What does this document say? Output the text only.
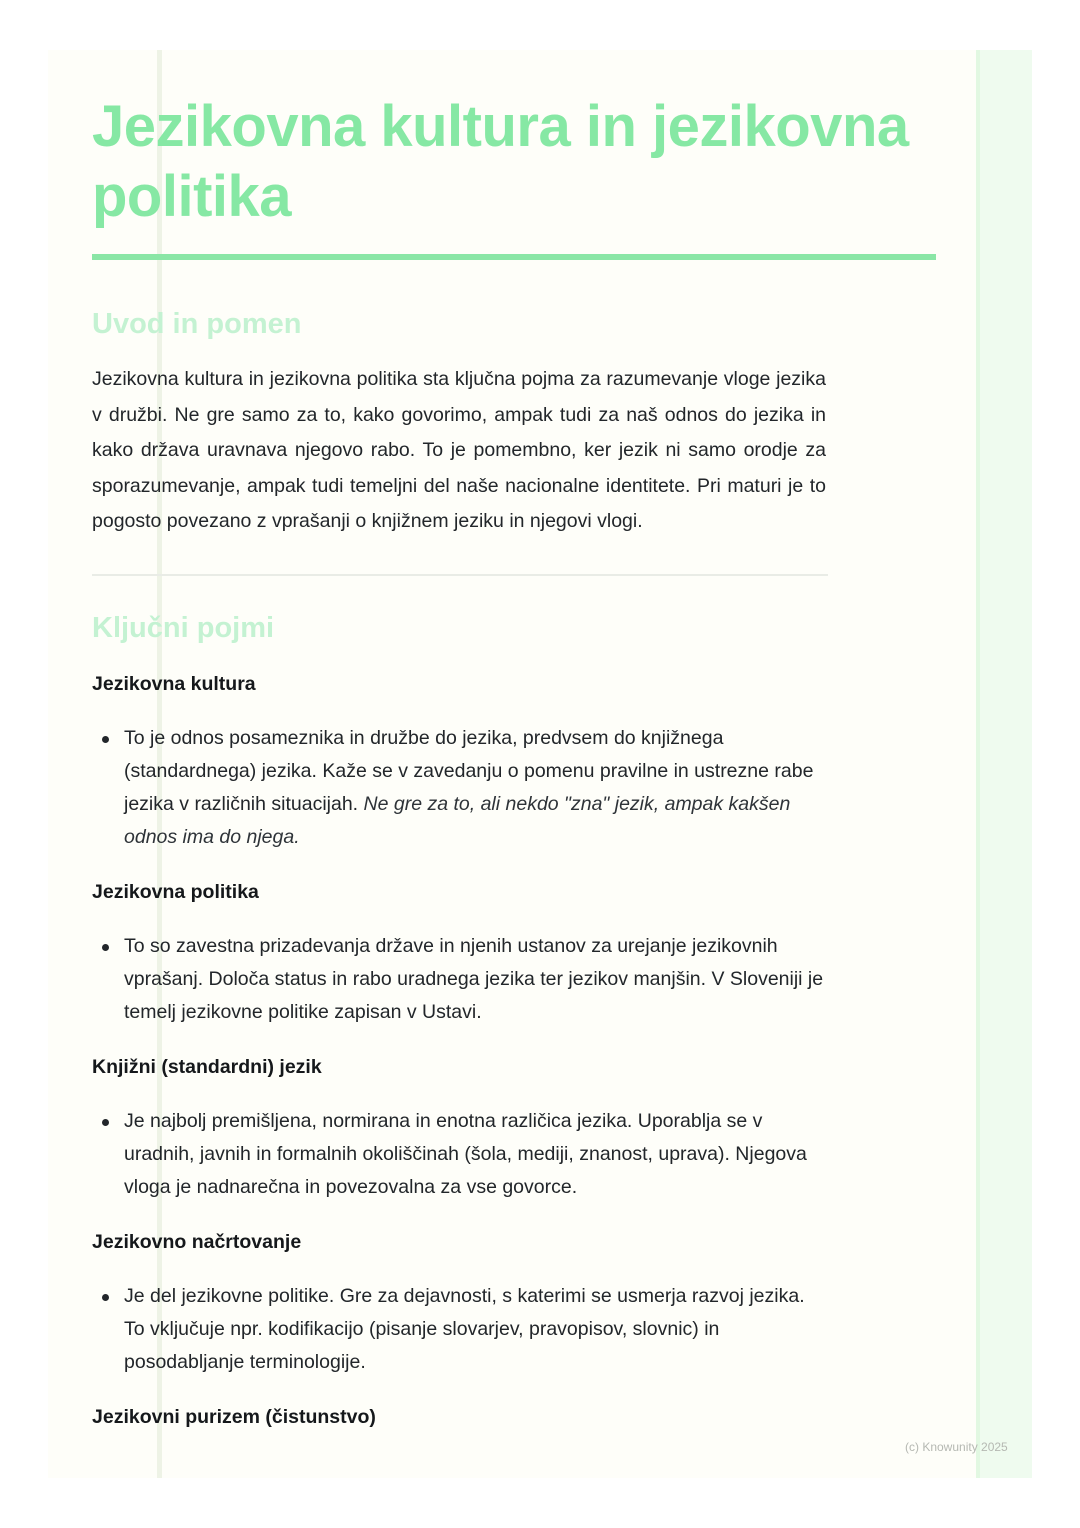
Jezikovna kultura in jezikovna politika
Uvod in pomen

Jezikovna kultura in jezikovna politika sta ključna pojma za razumevanje vloge jezika v družbi. Ne gre samo za to, kako govorimo, ampak tudi za naš odnos do jezika in kako država uravnava njegovo rabo. To je pomembno, ker jezik ni samo orodje za sporazumevanje, ampak tudi temeljni del naše nacionalne identitete. Pri maturi je to pogosto povezano z vprašanji o knjižnem jeziku in njegovi vlogi.

Ključni pojmi
Jezikovna kultura
To je odnos posameznika in družbe do jezika, predvsem do knjižnega (standardnega) jezika. Kaže se v zavedanju o pomenu pravilne in ustrezne rabe jezika v različnih situacijah. Ne gre za to, ali nekdo "zna" jezik, ampak kakšen odnos ima do njega.
Jezikovna politika
To so zavestna prizadevanja države in njenih ustanov za urejanje jezikovnih vprašanj. Določa status in rabo uradnega jezika ter jezikov manjšin. V Sloveniji je temelj jezikovne politike zapisan v Ustavi.
Knjižni (standardni) jezik
Je najbolj premišljena, normirana in enotna različica jezika. Uporablja se v uradnih, javnih in formalnih okoliščinah (šola, mediji, znanost, uprava). Njegova vloga je nadnarečna in povezovalna za vse govorce.
Jezikovno načrtovanje
Je del jezikovne politike. Gre za dejavnosti, s katerimi se usmerja razvoj jezika. To vključuje npr. kodifikacijo (pisanje slovarjev, pravopisov, slovnic) in posodabljanje terminologije.
Jezikovni purizem (čistunstvo)
(c) Knowunity 2025
